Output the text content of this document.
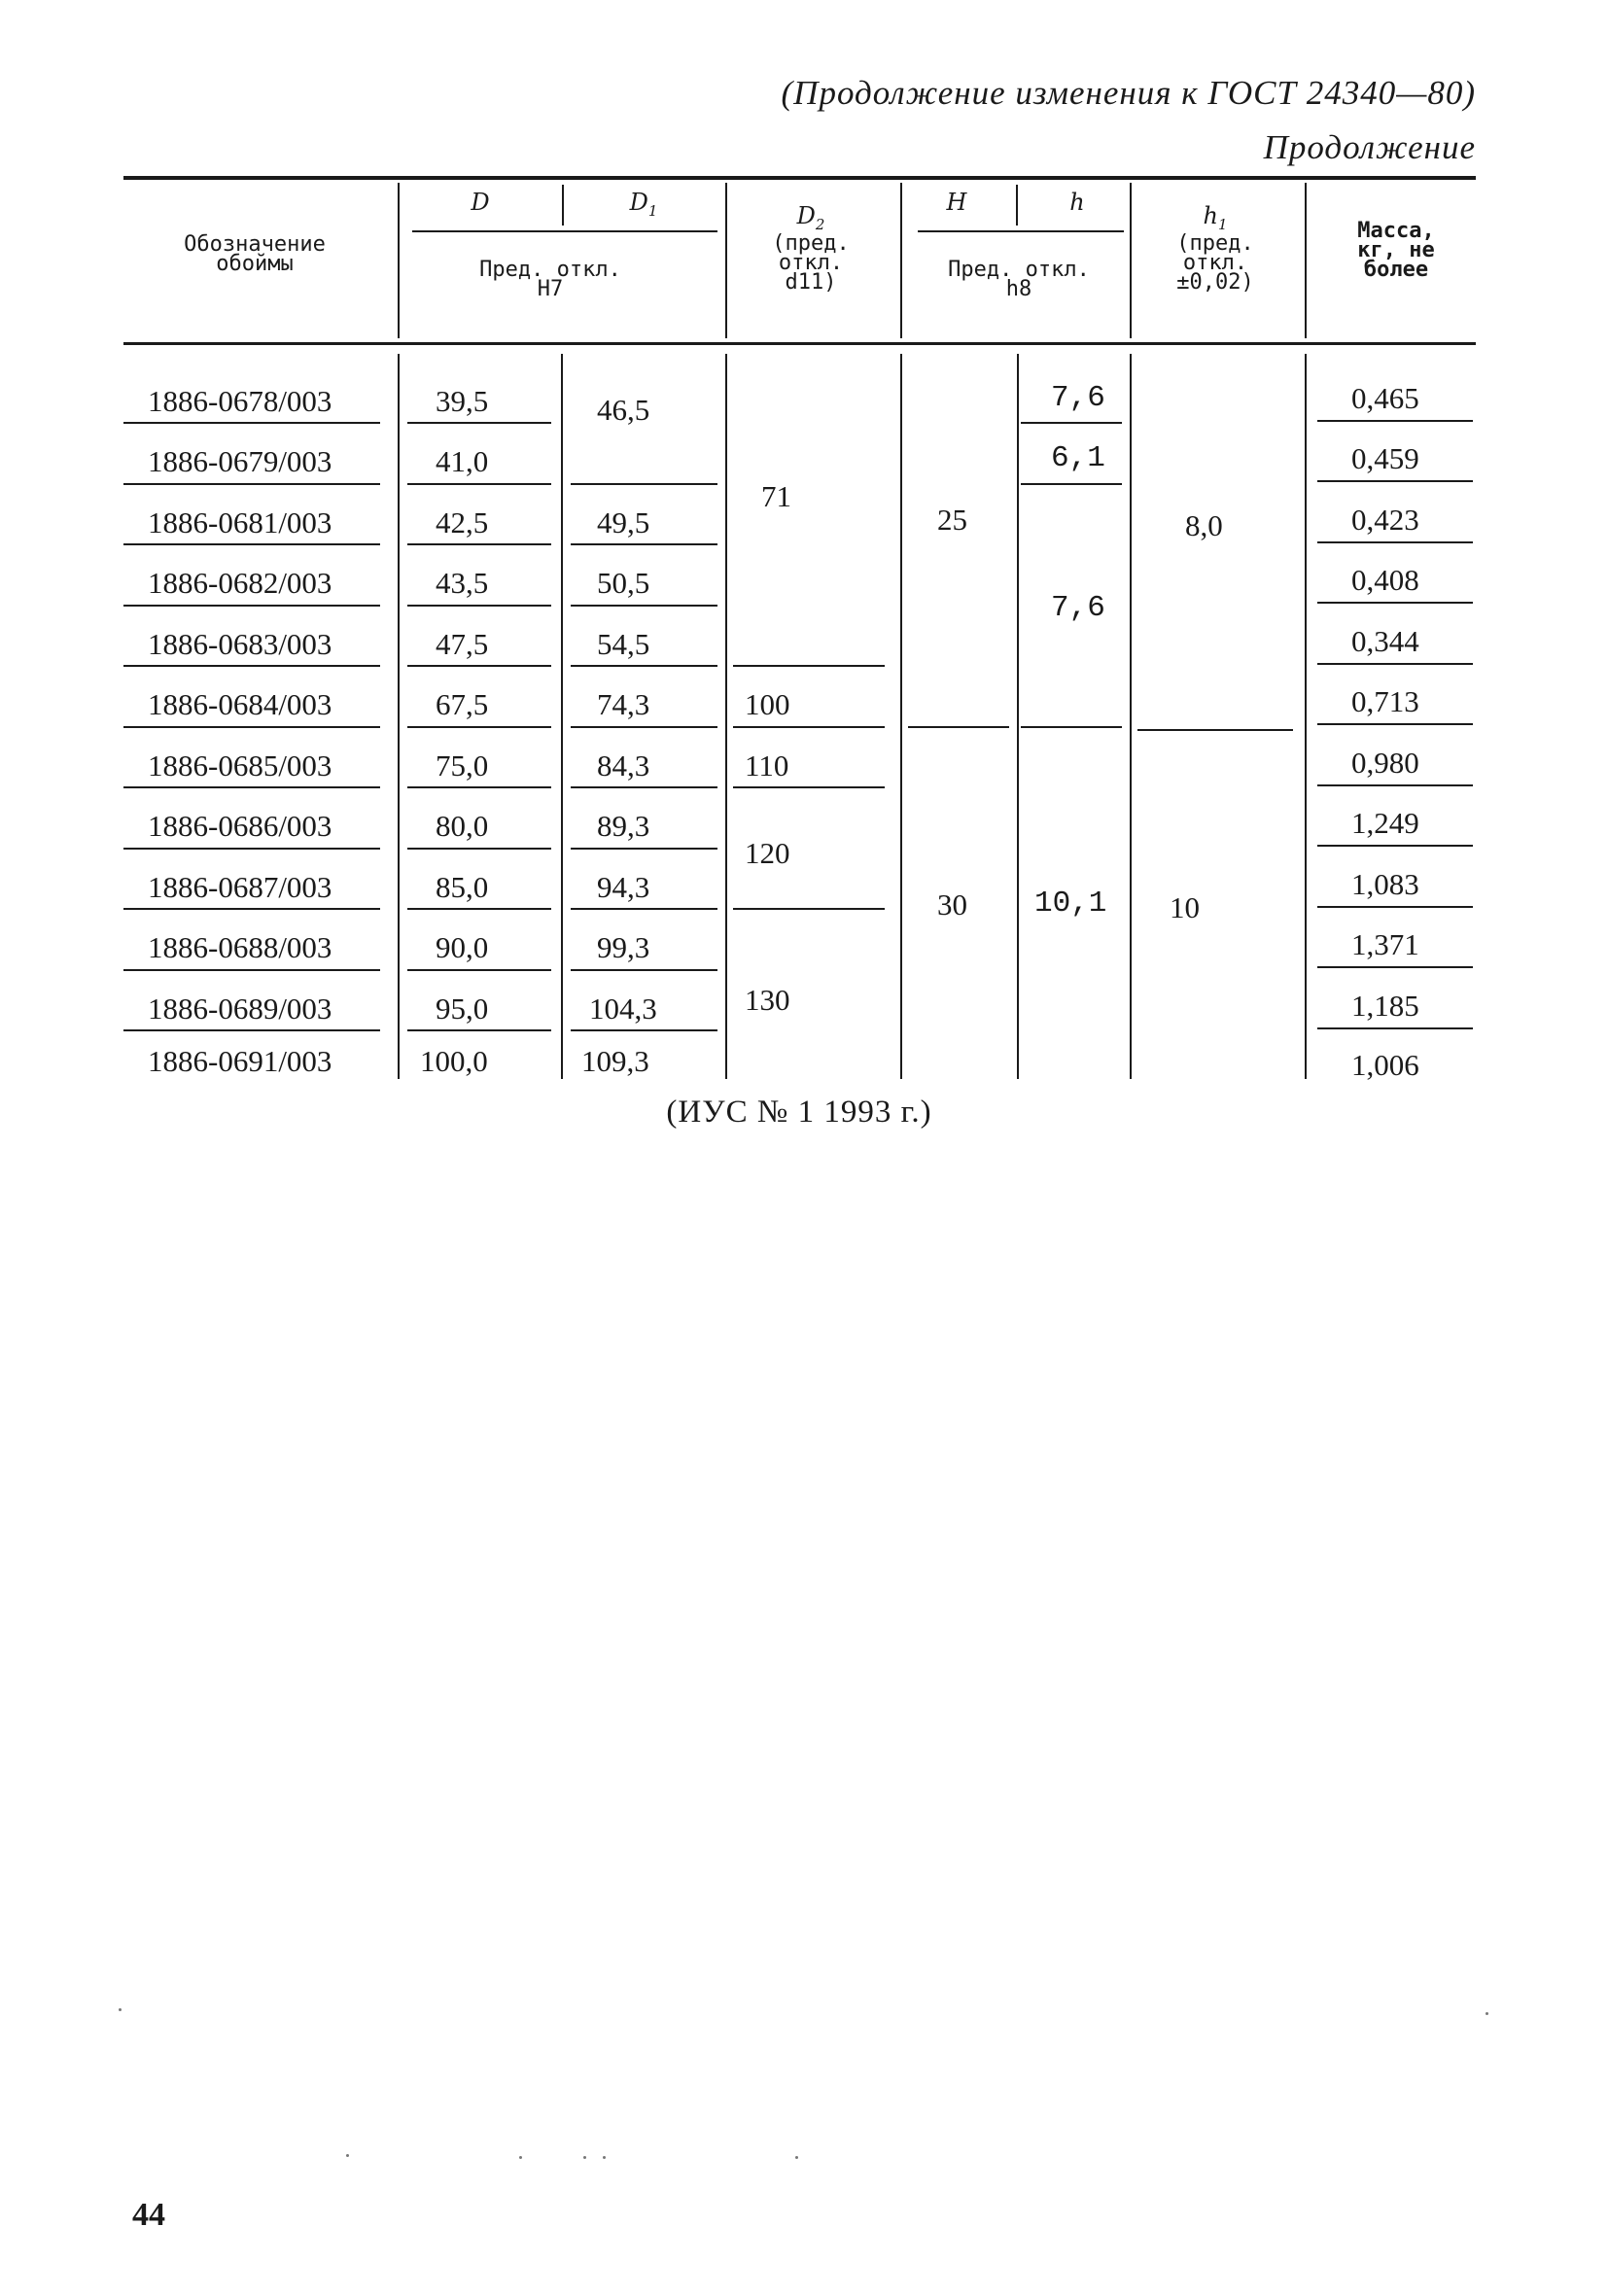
(Продолжение изменения к ГОСТ 24340—80)

Продолжение

Обозначение
обоймы
D	$D_1$
Пред. откл.
H7
$D_2$
(пред.
откл.
d11)
H	h
Пред. откл.
h8
$h_1$
(пред.
откл.
±0,02)
Масса,
кг, не
более
1886-0678/003
1886-0679/003
1886-0681/003
1886-0682/003
1886-0683/003
1886-0684/003
1886-0685/003
1886-0686/003
1886-0687/003
1886-0688/003
1886-0689/003
1886-0691/003
39,5
41,0
42,5
43,5
47,5
67,5
75,0
80,0
85,0
90,0
95,0
100,0
46,5
49,5
50,5
54,5
74,3
84,3
89,3
94,3
99,3
104,3
109,3
71
100
110
120
130
25
30
7,6
6,1
7,6
10,1
8,0
10
0,465
0,459
0,423
0,408
0,344
0,713
0,980
1,249
1,083
1,371
1,185
1,006
(ИУС № 1 1993 г.)
44
